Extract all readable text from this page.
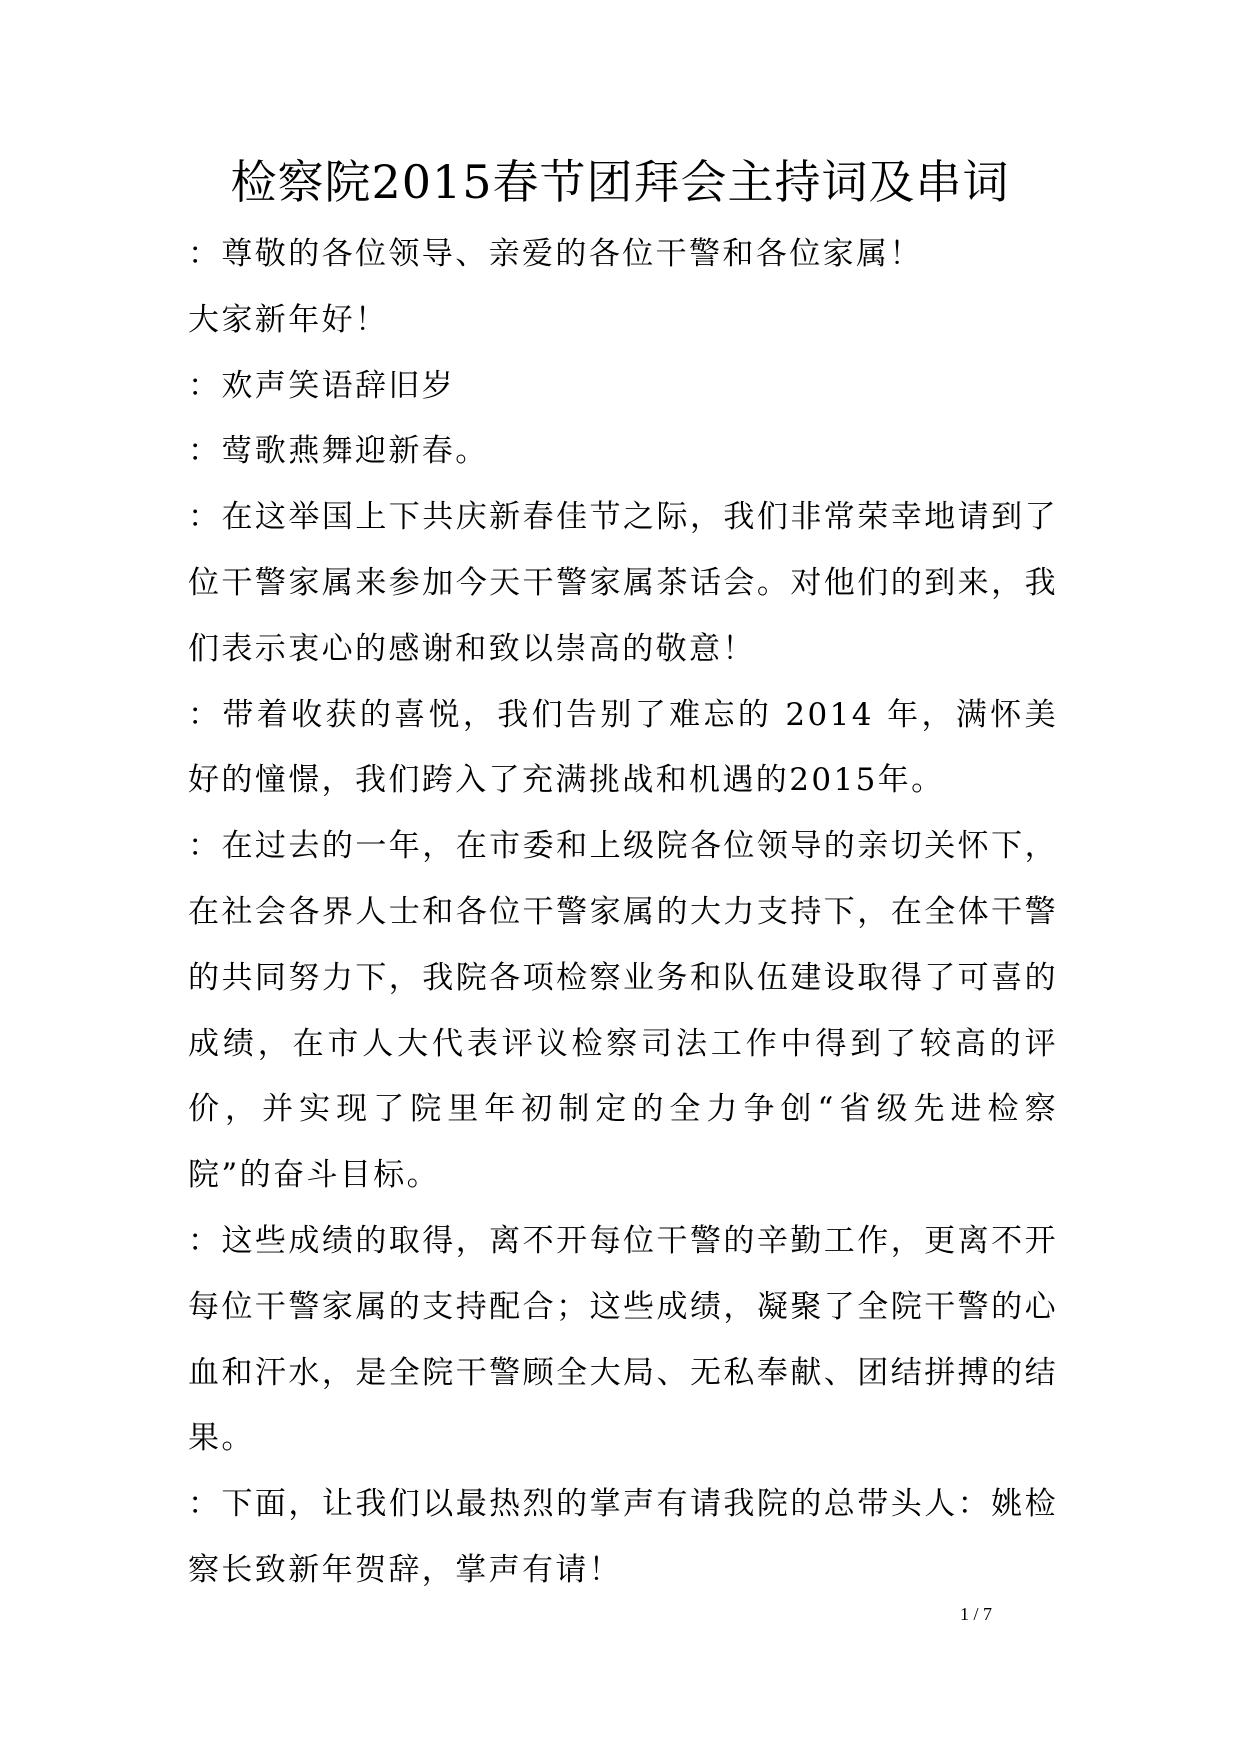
检察院2015春节团拜会主持词及串词

：尊敬的各位领导、亲爱的各位干警和各位家属！

大家新年好！

：欢声笑语辞旧岁

：莺歌燕舞迎新春。

：在这举国上下共庆新春佳节之际，我们非常荣幸地请到了位干警家属来参加今天干警家属茶话会。对他们的到来，我们表示衷心的感谢和致以崇高的敬意！

：带着收获的喜悦，我们告别了难忘的 2014 年，满怀美好的憧憬，我们跨入了充满挑战和机遇的2015年。

：在过去的一年，在市委和上级院各位领导的亲切关怀下，在社会各界人士和各位干警家属的大力支持下，在全体干警的共同努力下，我院各项检察业务和队伍建设取得了可喜的成绩，在市人大代表评议检察司法工作中得到了较高的评价，并实现了院里年初制定的全力争创“省级先进检察院”的奋斗目标。

：这些成绩的取得，离不开每位干警的辛勤工作，更离不开每位干警家属的支持配合；这些成绩，凝聚了全院干警的心血和汗水，是全院干警顾全大局、无私奉献、团结拼搏的结果。

：下面，让我们以最热烈的掌声有请我院的总带头人：姚检察长致新年贺辞，掌声有请！

1 / 7
